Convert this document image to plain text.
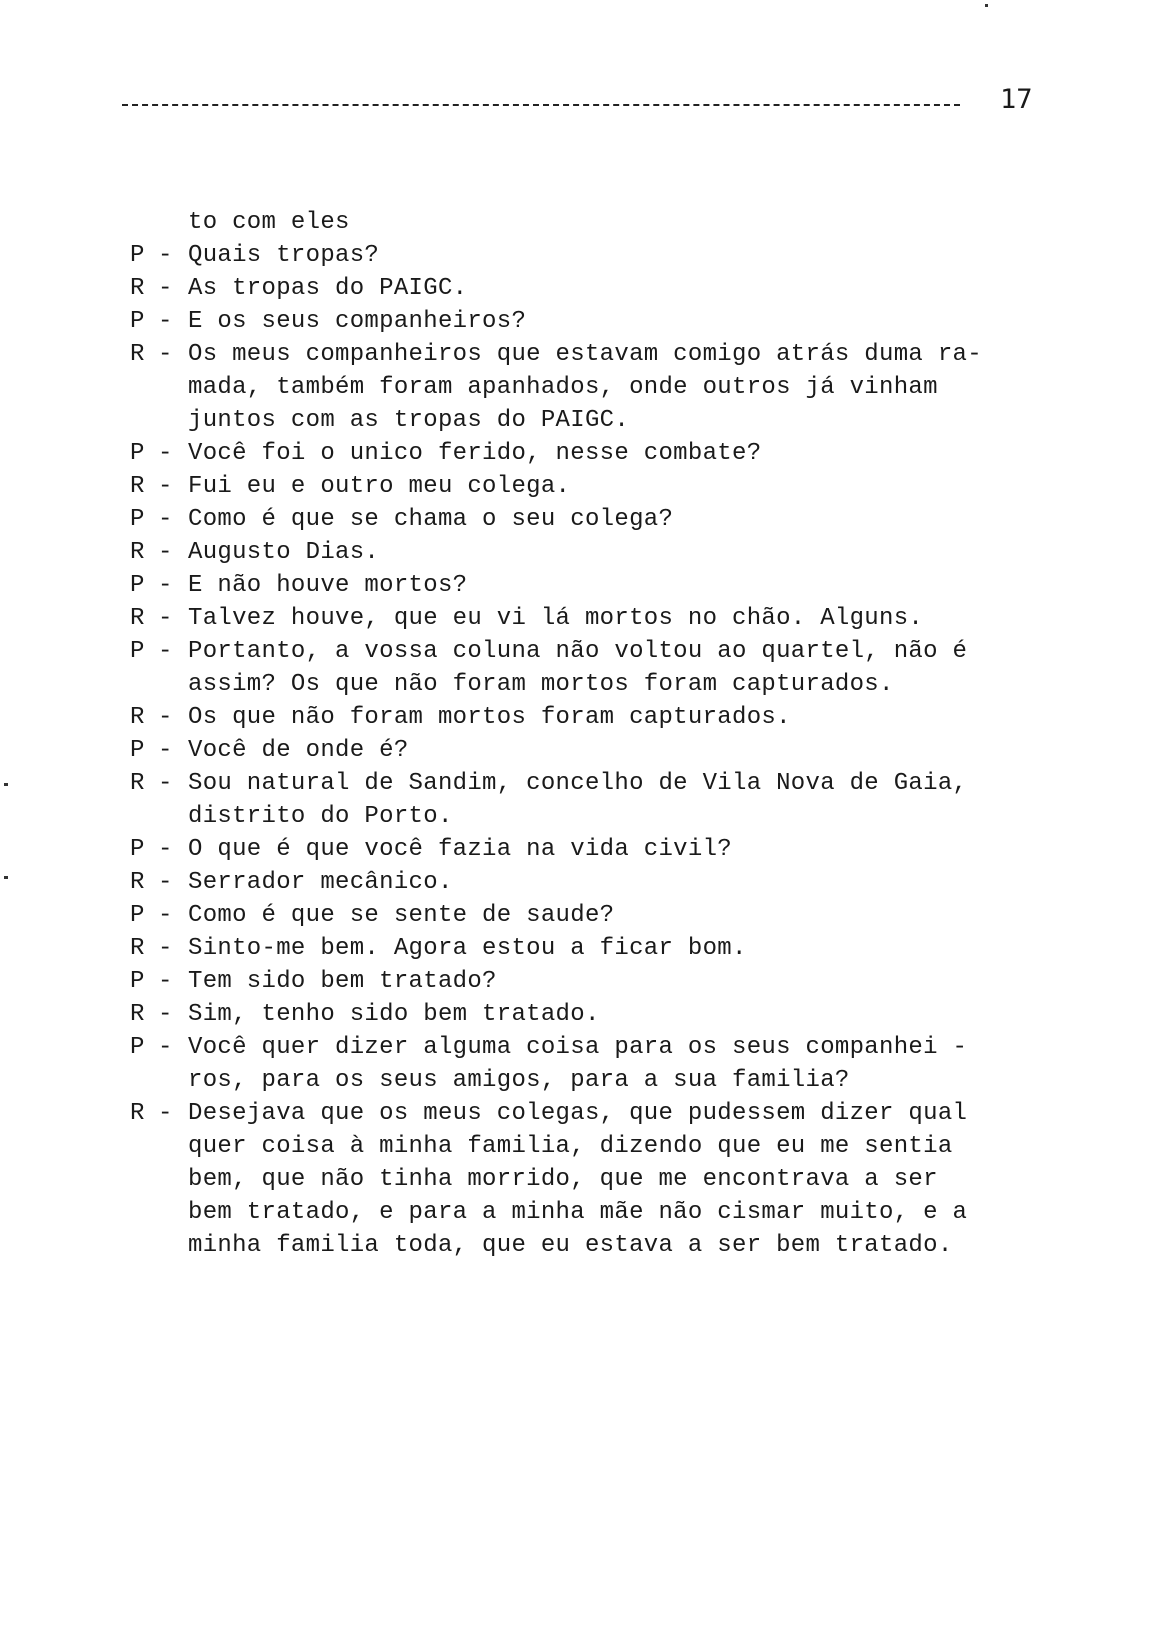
17
to com eles
P - Quais tropas?
R - As tropas do PAIGC.
P - E os seus companheiros?
R - Os meus companheiros que estavam comigo atrás duma ra-
mada, também foram apanhados, onde outros já vinham
juntos com as tropas do PAIGC.
P - Você foi o unico ferido, nesse combate?
R - Fui eu e outro meu colega.
P - Como é que se chama o seu colega?
R - Augusto Dias.
P - E não houve mortos?
R - Talvez houve, que eu vi lá mortos no chão. Alguns.
P - Portanto, a vossa coluna não voltou ao quartel, não é
assim? Os que não foram mortos foram capturados.
R - Os que não foram mortos foram capturados.
P - Você de onde é?
R - Sou natural de Sandim, concelho de Vila Nova de Gaia,
distrito do Porto.
P - O que é que você fazia na vida civil?
R - Serrador mecânico.
P - Como é que se sente de saude?
R - Sinto-me bem. Agora estou a ficar bom.
P - Tem sido bem tratado?
R - Sim, tenho sido bem tratado.
P - Você quer dizer alguma coisa para os seus companhei -
ros, para os seus amigos, para a sua familia?
R - Desejava que os meus colegas, que pudessem dizer qual
quer coisa à minha familia, dizendo que eu me sentia
bem, que não tinha morrido, que me encontrava a ser
bem tratado, e para a minha mãe não cismar muito, e a
minha familia toda, que eu estava a ser bem tratado.
